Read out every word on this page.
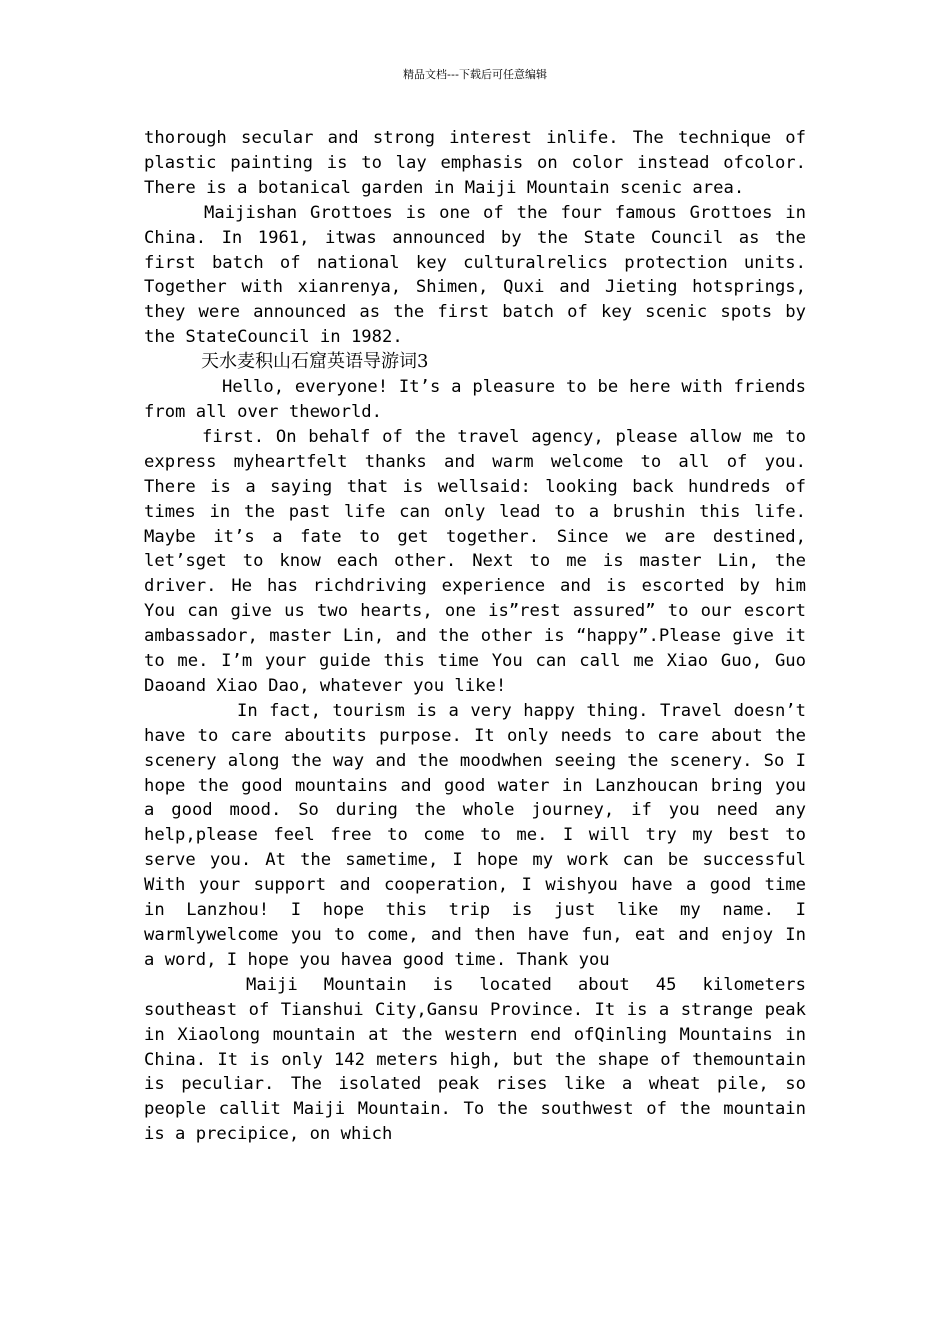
精品文档---下载后可任意编辑

thorough secular and strong interest inlife. The technique of plastic painting is to lay emphasis on color instead ofcolor. There is a botanical garden in Maiji Mountain scenic area.

Maijishan Grottoes is one of the four famous Grottoes in China. In 1961, itwas announced by the State Council as the first batch of national key culturalrelics protection units. Together with xianrenya, Shimen, Quxi and Jieting hotsprings, they were announced as the first batch of key scenic spots by the StateCouncil in 1982.

天水麦积山石窟英语导游词3

Hello, everyone! It’s a pleasure to be here with friends from all over theworld.

first. On behalf of the travel agency, please allow me to express myheartfelt thanks and warm welcome to all of you. There is a saying that is wellsaid: looking back hundreds of times in the past life can only lead to a brushin this life. Maybe it’s a fate to get together. Since we are destined, let’sget to know each other. Next to me is master Lin, the driver. He has richdriving experience and is escorted by him You can give us two hearts, one is”rest assured” to our escort ambassador, master Lin, and the other is “happy”.Please give it to me. I’m your guide this time You can call me Xiao Guo, Guo Daoand Xiao Dao, whatever you like!

In fact, tourism is a very happy thing. Travel doesn’t have to care aboutits purpose. It only needs to care about the scenery along the way and the moodwhen seeing the scenery. So I hope the good mountains and good water in Lanzhoucan bring you a good mood. So during the whole journey, if you need any help,please feel free to come to me. I will try my best to serve you. At the sametime, I hope my work can be successful With your support and cooperation, I wishyou have a good time in Lanzhou! I hope this trip is just like my name. I warmlywelcome you to come, and then have fun, eat and enjoy In a word, I hope you havea good time. Thank you

Maiji Mountain is located about 45 kilometers southeast of Tianshui City,Gansu Province. It is a strange peak in Xiaolong mountain at the western end ofQinling Mountains in China. It is only 142 meters high, but the shape of themountain is peculiar. The isolated peak rises like a wheat pile, so people callit Maiji Mountain. To the southwest of the mountain is a precipice, on which
